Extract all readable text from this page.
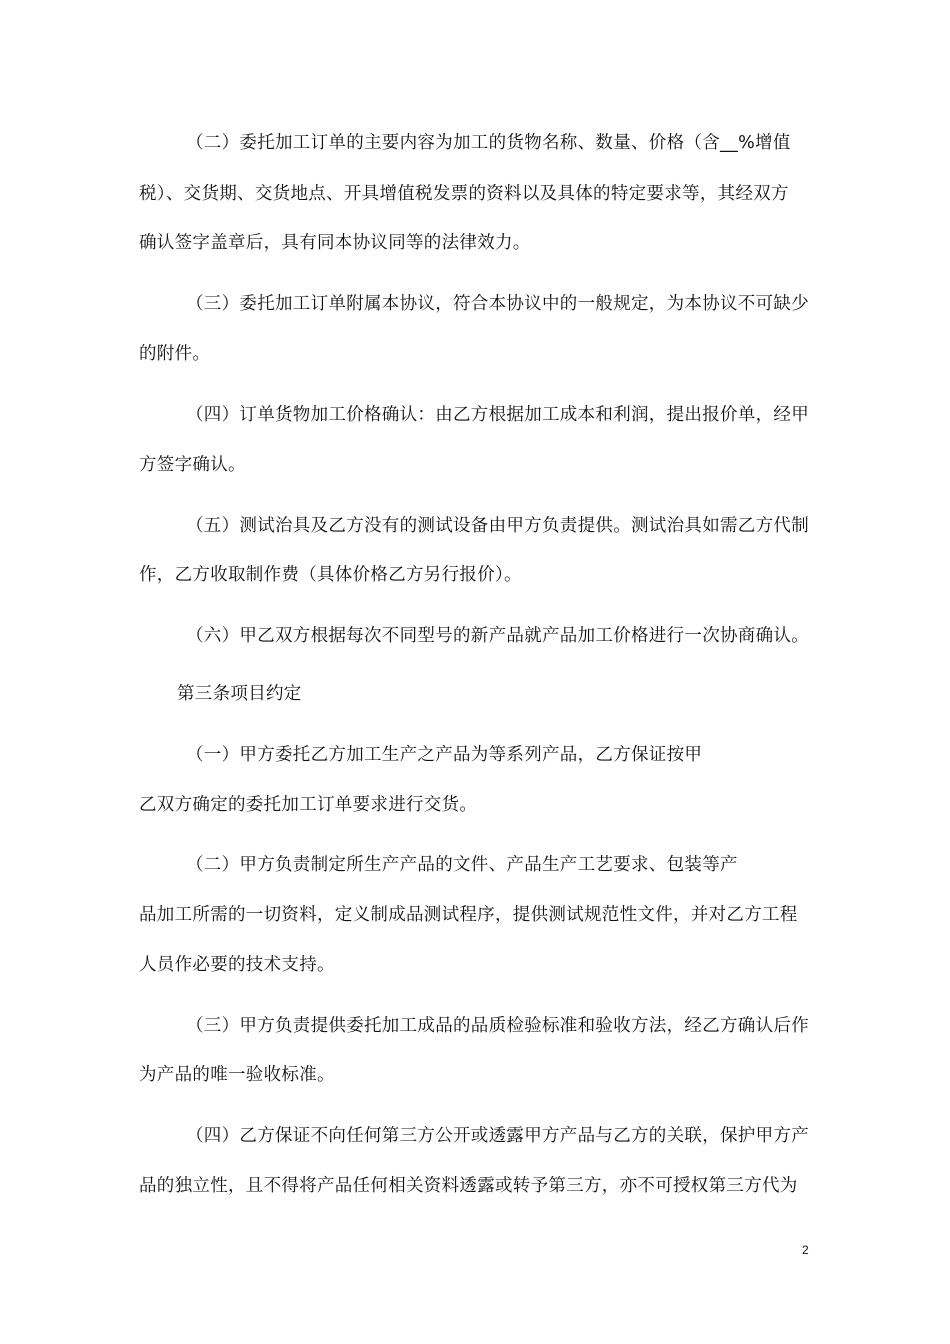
（二）委托加工订单的主要内容为加工的货物名称、数量、价格（含__%增值
税）、交货期、交货地点、开具增值税发票的资料以及具体的特定要求等，其经双方
确认签字盖章后，具有同本协议同等的法律效力。
（三）委托加工订单附属本协议，符合本协议中的一般规定，为本协议不可缺少
的附件。
（四）订单货物加工价格确认：由乙方根据加工成本和利润，提出报价单，经甲
方签字确认。
（五）测试治具及乙方没有的测试设备由甲方负责提供。测试治具如需乙方代制
作，乙方收取制作费（具体价格乙方另行报价）。
（六）甲乙双方根据每次不同型号的新产品就产品加工价格进行一次协商确认。
第三条项目约定
（一）甲方委托乙方加工生产之产品为等系列产品，乙方保证按甲
乙双方确定的委托加工订单要求进行交货。
（二）甲方负责制定所生产产品的文件、产品生产工艺要求、包装等产
品加工所需的一切资料，定义制成品测试程序，提供测试规范性文件，并对乙方工程
人员作必要的技术支持。
（三）甲方负责提供委托加工成品的品质检验标准和验收方法，经乙方确认后作
为产品的唯一验收标准。
（四）乙方保证不向任何第三方公开或透露甲方产品与乙方的关联，保护甲方产
品的独立性，且不得将产品任何相关资料透露或转予第三方，亦不可授权第三方代为
2
